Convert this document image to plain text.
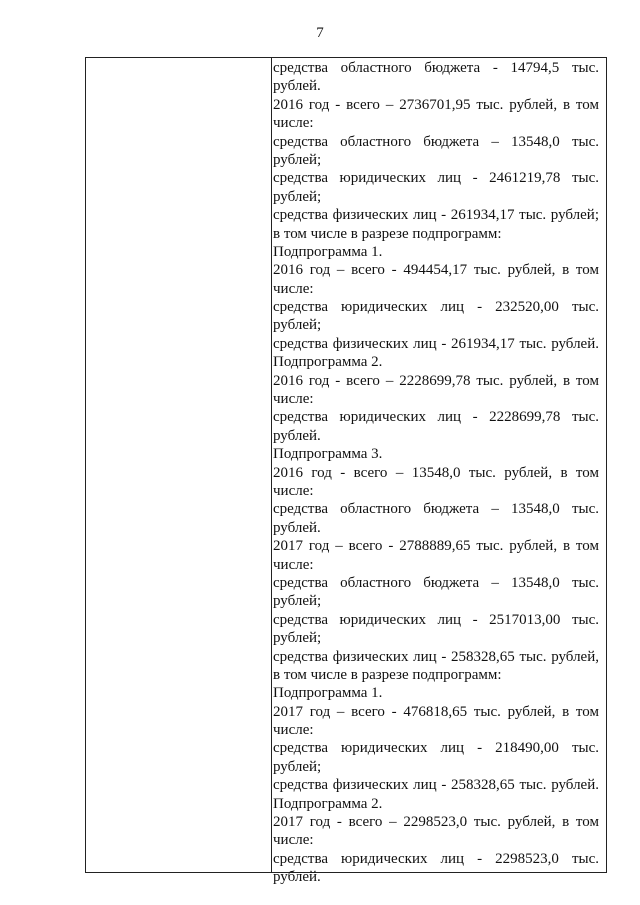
7
средства областного бюджета - 14794,5 тыс.
рублей.
2016 год - всего – 2736701,95 тыс. рублей, в том
числе:
средства областного бюджета – 13548,0 тыс.
рублей;
средства юридических лиц - 2461219,78 тыс.
рублей;
средства физических лиц - 261934,17 тыс. рублей;
в том числе в разрезе подпрограмм:
Подпрограмма 1.
2016 год – всего - 494454,17 тыс. рублей, в том
числе:
средства юридических лиц - 232520,00 тыс.
рублей;
средства физических лиц - 261934,17 тыс. рублей.
Подпрограмма 2.
2016 год - всего – 2228699,78 тыс. рублей, в том
числе:
средства юридических лиц - 2228699,78 тыс.
рублей.
Подпрограмма 3.
2016 год - всего – 13548,0 тыс. рублей, в том
числе:
средства областного бюджета – 13548,0 тыс.
рублей.
2017 год – всего - 2788889,65 тыс. рублей, в том
числе:
средства областного бюджета – 13548,0 тыс.
рублей;
средства юридических лиц - 2517013,00 тыс.
рублей;
средства физических лиц - 258328,65 тыс. рублей,
в том числе в разрезе подпрограмм:
Подпрограмма 1.
2017 год – всего - 476818,65 тыс. рублей, в том
числе:
средства юридических лиц - 218490,00 тыс.
рублей;
средства физических лиц - 258328,65 тыс. рублей.
Подпрограмма 2.
2017 год - всего – 2298523,0 тыс. рублей, в том
числе:
средства юридических лиц - 2298523,0 тыс.
рублей.
